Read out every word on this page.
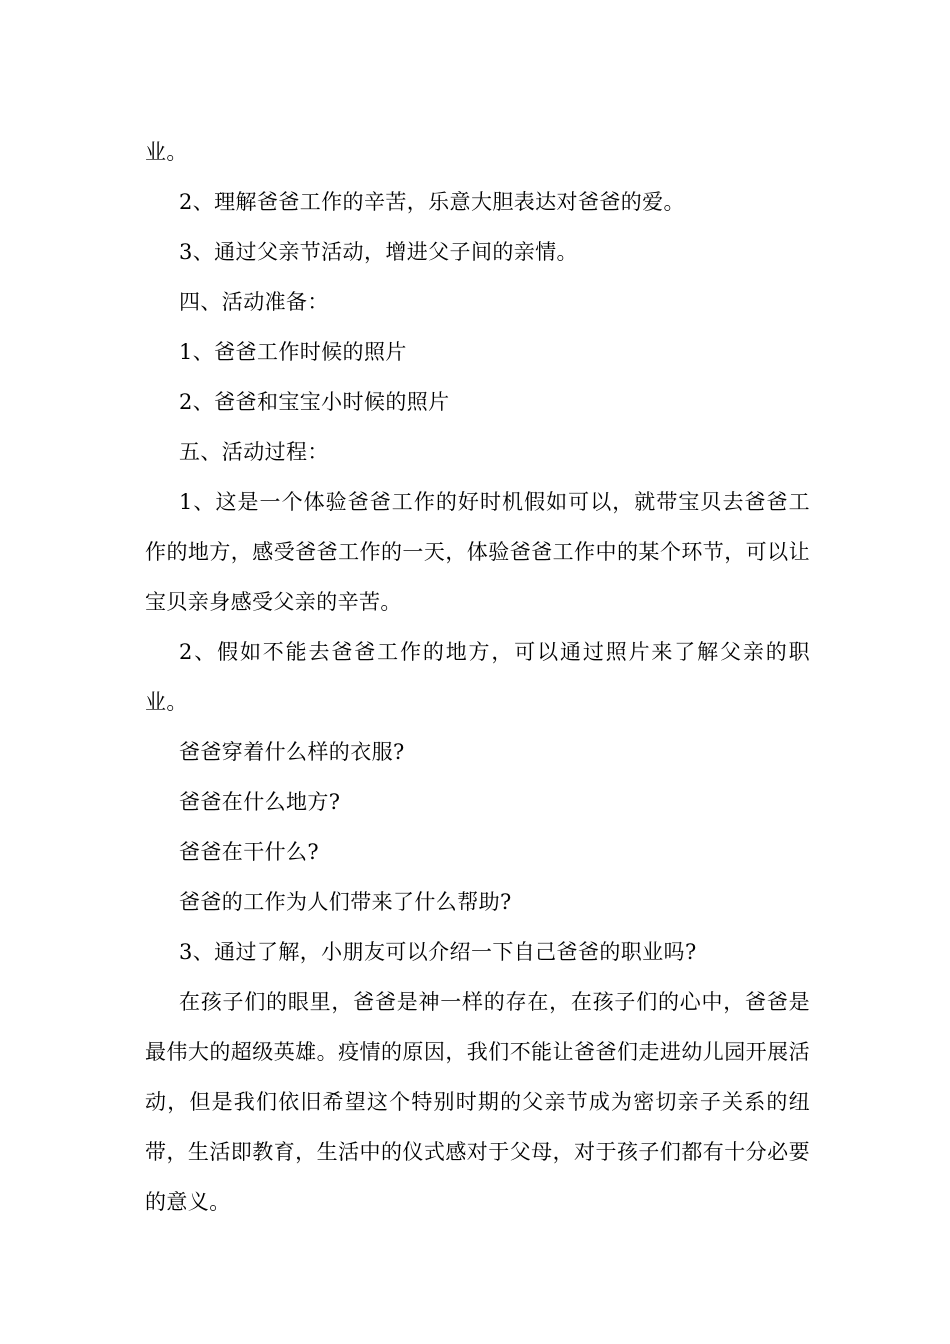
业。

2、理解爸爸工作的辛苦，乐意大胆表达对爸爸的爱。

3、通过父亲节活动，增进父子间的亲情。

四、活动准备：

1、爸爸工作时候的照片

2、爸爸和宝宝小时候的照片

五、活动过程：

1、这是一个体验爸爸工作的好时机假如可以，就带宝贝去爸爸工作的地方，感受爸爸工作的一天，体验爸爸工作中的某个环节，可以让宝贝亲身感受父亲的辛苦。

2、假如不能去爸爸工作的地方，可以通过照片来了解父亲的职业。

爸爸穿着什么样的衣服?

爸爸在什么地方?

爸爸在干什么?

爸爸的工作为人们带来了什么帮助?

3、通过了解，小朋友可以介绍一下自己爸爸的职业吗?

在孩子们的眼里，爸爸是神一样的存在，在孩子们的心中，爸爸是最伟大的超级英雄。疫情的原因，我们不能让爸爸们走进幼儿园开展活动，但是我们依旧希望这个特别时期的父亲节成为密切亲子关系的纽带，生活即教育，生活中的仪式感对于父母，对于孩子们都有十分必要的意义。
